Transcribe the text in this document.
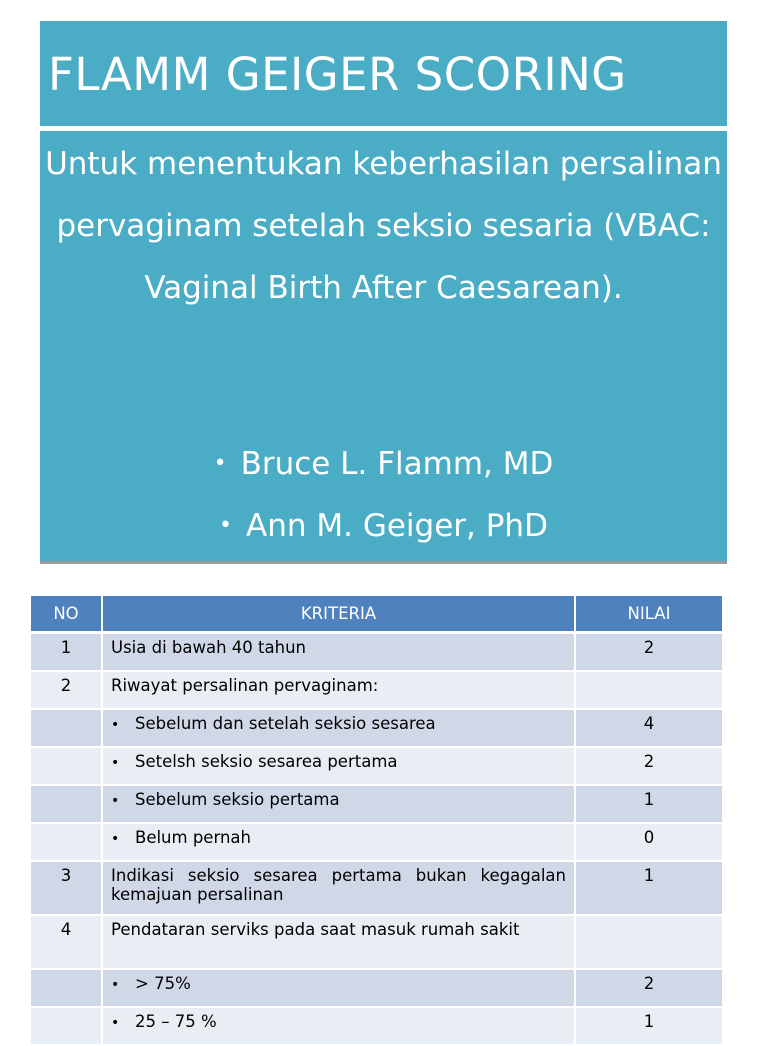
FLAMM GEIGER SCORING
Untuk menentukan keberhasilan persalinan pervaginam setelah seksio sesaria (VBAC: Vaginal Birth After Caesarean).
• Bruce L. Flamm, MD
• Ann M. Geiger, PhD
NO	KRITERIA	NILAI
1	Usia di bawah 40 tahun	2
2	Riwayat persalinan pervaginam:	
	• Sebelum dan setelah seksio sesarea	4
	• Setelsh seksio sesarea pertama	2
	• Sebelum seksio pertama	1
	• Belum pernah	0
3	Indikasi seksio sesarea pertama bukan kegagalan kemajuan persalinan	1
4	Pendataran serviks pada saat masuk rumah sakit	
	• > 75%	2
	• 25 – 75 %	1
